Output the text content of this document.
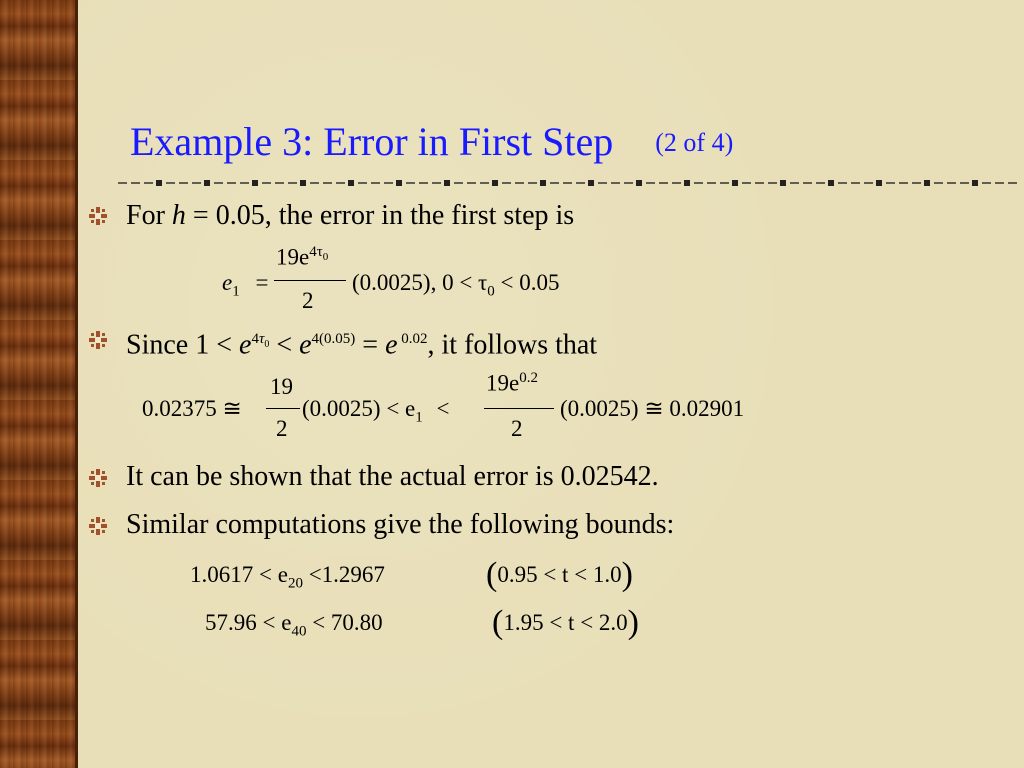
Example 3: Error in First Step (2 of 4)
For h = 0.05, the error in the first step is
$e_1$ =
$19e^{4\tau_0}$
2
(0.0025), $0 < \tau_0 < 0.05$
Since $1 < e^{4\tau_0} < e^{4(0.05)} = e$ $^{0.02}$, it follows that
0.02375 ≅
19
2
$(0.0025) < e_1$ <
$19e^{0.2}$
2
(0.0025) ≅ 0.02901
It can be shown that the actual error is 0.02542.
Similar computations give the following bounds:
$1.0617 < e_{20} <1.2967$	(0.95 < t < 1.0)
$57.96 < e_{40} < 70.80$	(1.95 < t < 2.0)
